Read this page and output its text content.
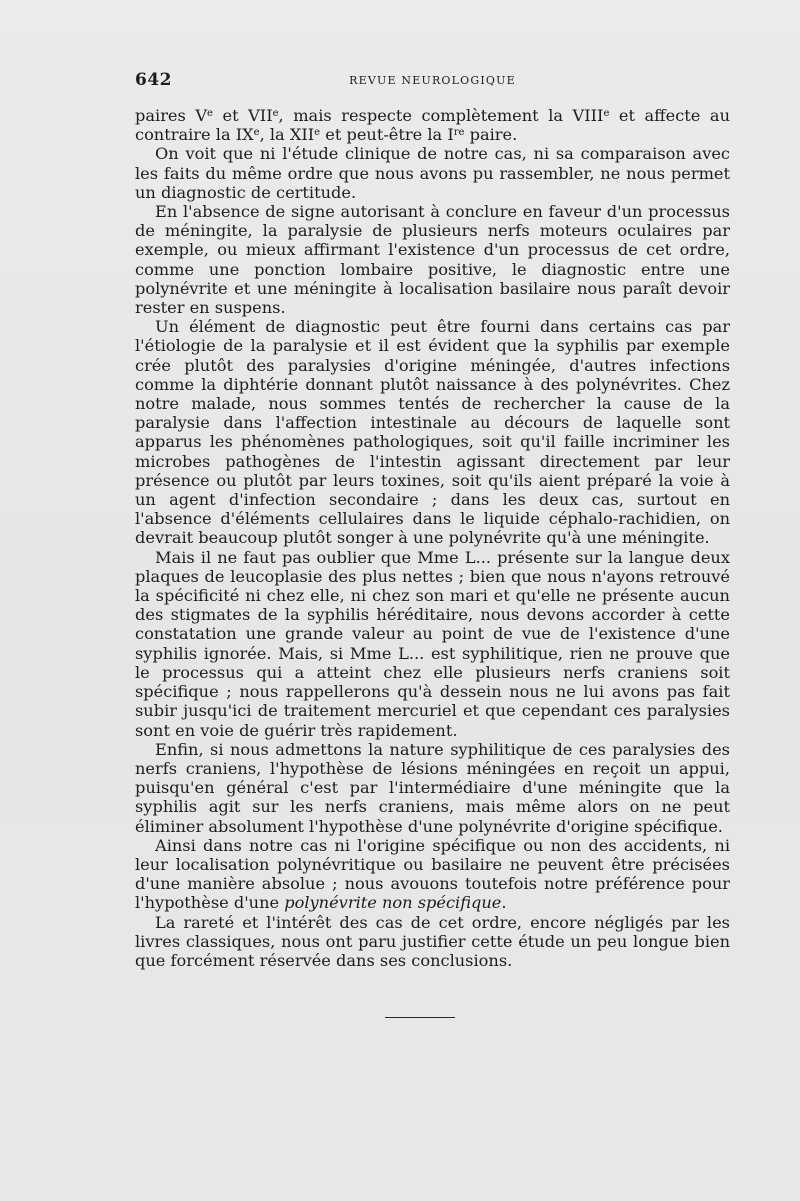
642	REVUE NEUROLOGIQUE

paires Ve et VIIe, mais respecte complètement la VIIIe et affecte au contraire la IXe, la XIIe et peut-être la Ire paire.

On voit que ni l'étude clinique de notre cas, ni sa comparaison avec les faits du même ordre que nous avons pu rassembler, ne nous permet un diagnostic de certitude.

En l'absence de signe autorisant à conclure en faveur d'un processus de méningite, la paralysie de plusieurs nerfs moteurs oculaires par exemple, ou mieux affirmant l'existence d'un processus de cet ordre, comme une ponction lombaire positive, le diagnostic entre une polynévrite et une méningite à localisation basilaire nous paraît devoir rester en suspens.

Un élément de diagnostic peut être fourni dans certains cas par l'étiologie de la paralysie et il est évident que la syphilis par exemple crée plutôt des paralysies d'origine méningée, d'autres infections comme la diphtérie donnant plutôt naissance à des polynévrites. Chez notre malade, nous sommes tentés de rechercher la cause de la paralysie dans l'affection intestinale au décours de laquelle sont apparus les phénomènes pathologiques, soit qu'il faille incriminer les microbes pathogènes de l'intestin agissant directement par leur présence ou plutôt par leurs toxines, soit qu'ils aient préparé la voie à un agent d'infection secondaire ; dans les deux cas, surtout en l'absence d'éléments cellulaires dans le liquide céphalo-rachidien, on devrait beaucoup plutôt songer à une polynévrite qu'à une méningite.

Mais il ne faut pas oublier que Mme L... présente sur la langue deux plaques de leucoplasie des plus nettes ; bien que nous n'ayons retrouvé la spécificité ni chez elle, ni chez son mari et qu'elle ne présente aucun des stigmates de la syphilis héréditaire, nous devons accorder à cette constatation une grande valeur au point de vue de l'existence d'une syphilis ignorée. Mais, si Mme L... est syphilitique, rien ne prouve que le processus qui a atteint chez elle plusieurs nerfs craniens soit spécifique ; nous rappellerons qu'à dessein nous ne lui avons pas fait subir jusqu'ici de traitement mercuriel et que cependant ces paralysies sont en voie de guérir très rapidement.

Enfin, si nous admettons la nature syphilitique de ces paralysies des nerfs craniens, l'hypothèse de lésions méningées en reçoit un appui, puisqu'en général c'est par l'intermédiaire d'une méningite que la syphilis agit sur les nerfs craniens, mais même alors on ne peut éliminer absolument l'hypothèse d'une polynévrite d'origine spécifique.

Ainsi dans notre cas ni l'origine spécifique ou non des accidents, ni leur localisation polynévritique ou basilaire ne peuvent être précisées d'une manière absolue ; nous avouons toutefois notre préférence pour l'hypothèse d'une polynévrite non spécifique.

La rareté et l'intérêt des cas de cet ordre, encore négligés par les livres classiques, nous ont paru justifier cette étude un peu longue bien que forcément réservée dans ses conclusions.
